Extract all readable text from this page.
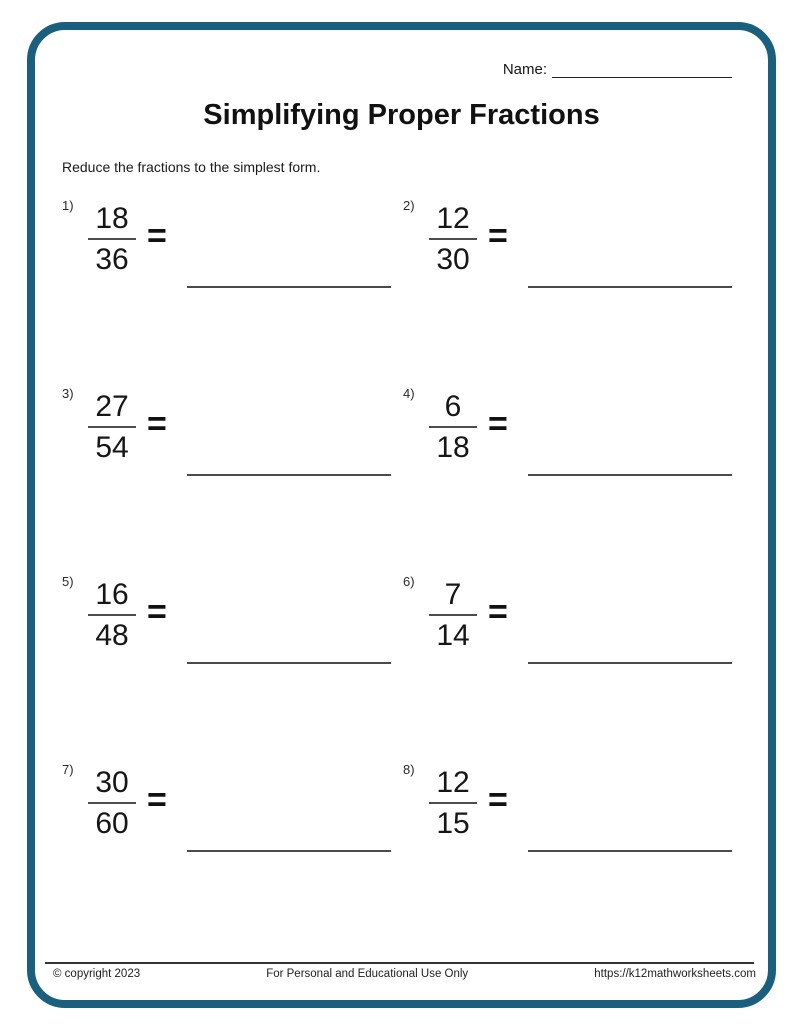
Name:
Simplifying Proper Fractions
Reduce the fractions to the simplest form.
1) 18
36
=
2) 12
30
=
3) 27
54
=
4)	6
18
=
5) 16
48
=
6)	7
14
=
7) 30
60
=
8) 12
15
=
© copyright 2023	For Personal and Educational Use Only	https://k12mathworksheets.com
